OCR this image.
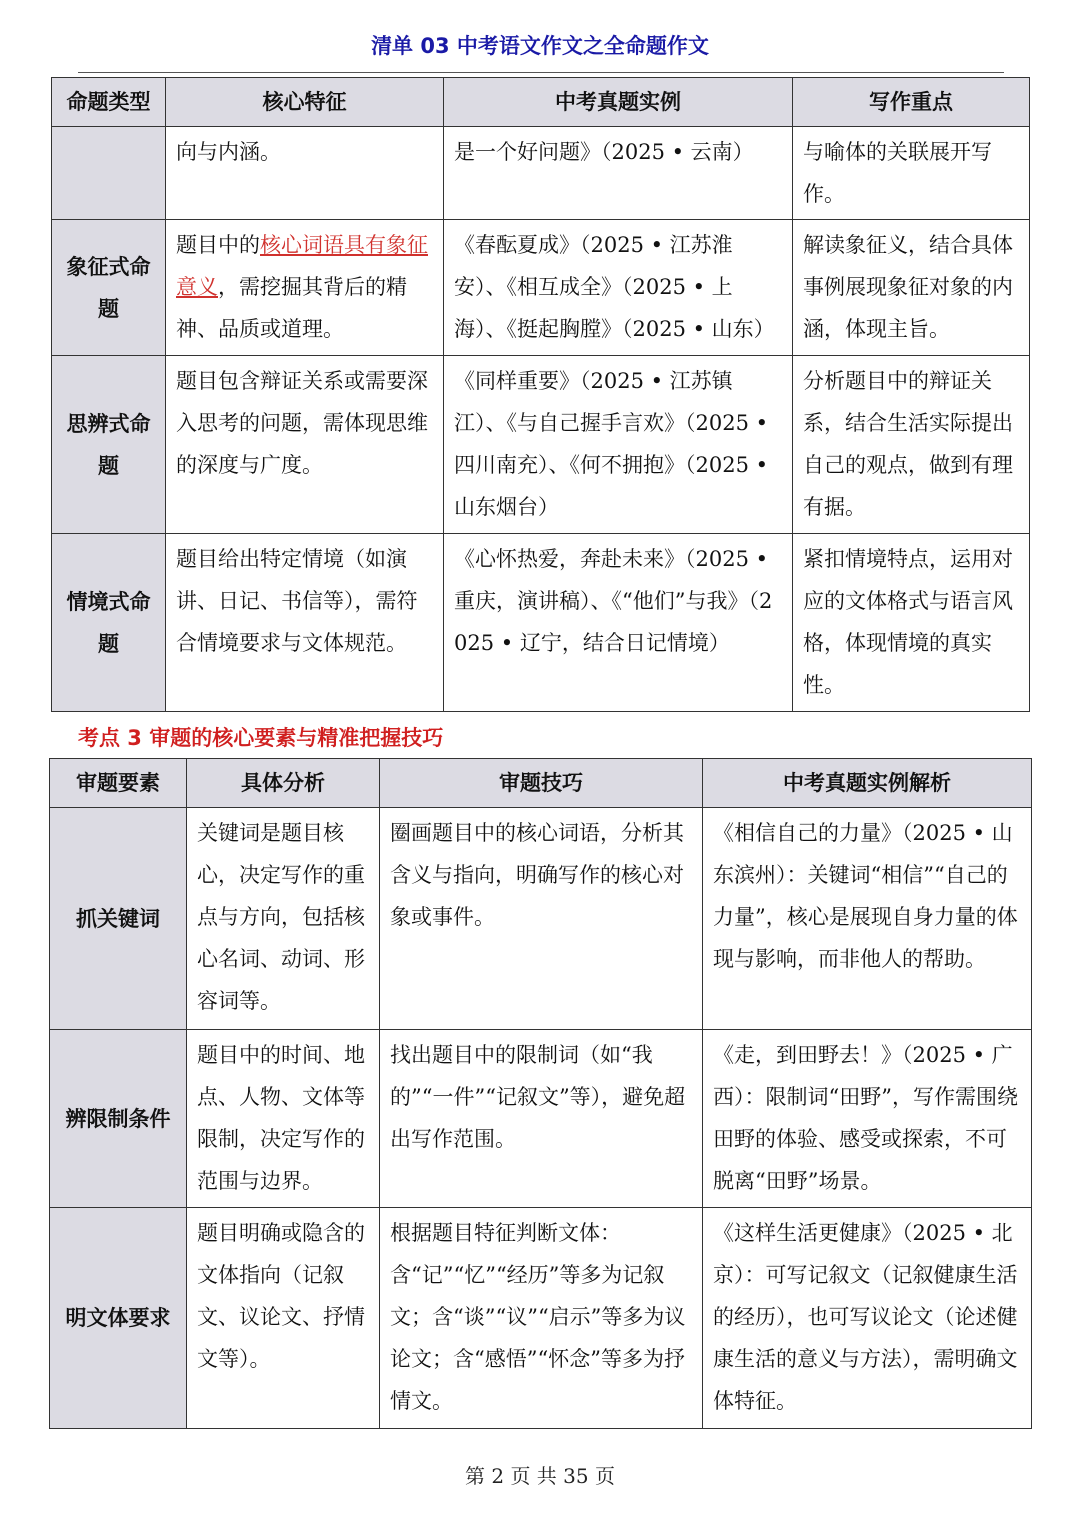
清单 03 中考语文作文之全命题作文
命题类型	核心特征	中考真题实例	写作重点
	向与内涵。	是一个好问题》（2025 • 云南）	与喻体的关联展开写作。
象征式命题	题目中的核心词语具有象征意义，需挖掘其背后的精神、品质或道理。	《春酝夏成》（2025 • 江苏淮安）、《相互成全》（2025 • 上海）、《挺起胸膛》（2025 • 山东）	解读象征义，结合具体事例展现象征对象的内涵，体现主旨。
思辨式命题	题目包含辩证关系或需要深入思考的问题，需体现思维的深度与广度。	《同样重要》（2025 • 江苏镇江）、《与自己握手言欢》（2025 • 四川南充）、《何不拥抱》（2025 • 山东烟台）	分析题目中的辩证关系，结合生活实际提出自己的观点，做到有理有据。
情境式命题	题目给出特定情境（如演讲、日记、书信等），需符合情境要求与文体规范。	《心怀热爱，奔赴未来》（2025 • 重庆，演讲稿）、《“他们”与我》（2025 • 辽宁，结合日记情境）	紧扣情境特点，运用对应的文体格式与语言风格，体现情境的真实性。
考点 3 审题的核心要素与精准把握技巧
审题要素	具体分析	审题技巧	中考真题实例解析
抓关键词	关键词是题目核心，决定写作的重点与方向，包括核心名词、动词、形容词等。	圈画题目中的核心词语，分析其含义与指向，明确写作的核心对象或事件。	《相信自己的力量》（2025 • 山东滨州）：关键词“相信”“自己的力量”，核心是展现自身力量的体现与影响，而非他人的帮助。
辨限制条件	题目中的时间、地点、人物、文体等限制，决定写作的范围与边界。	找出题目中的限制词（如“我的”“一件”“记叙文”等），避免超出写作范围。	《走，到田野去！》（2025 • 广西）：限制词“田野”，写作需围绕田野的体验、感受或探索，不可脱离“田野”场景。
明文体要求	题目明确或隐含的文体指向（记叙文、议论文、抒情文等）。	根据题目特征判断文体：含“记”“忆”“经历”等多为记叙文；含“谈”“议”“启示”等多为议论文；含“感悟”“怀念”等多为抒情文。	《这样生活更健康》（2025 • 北京）：可写记叙文（记叙健康生活的经历），也可写议论文（论述健康生活的意义与方法），需明确文体特征。
第 2 页 共 35 页
